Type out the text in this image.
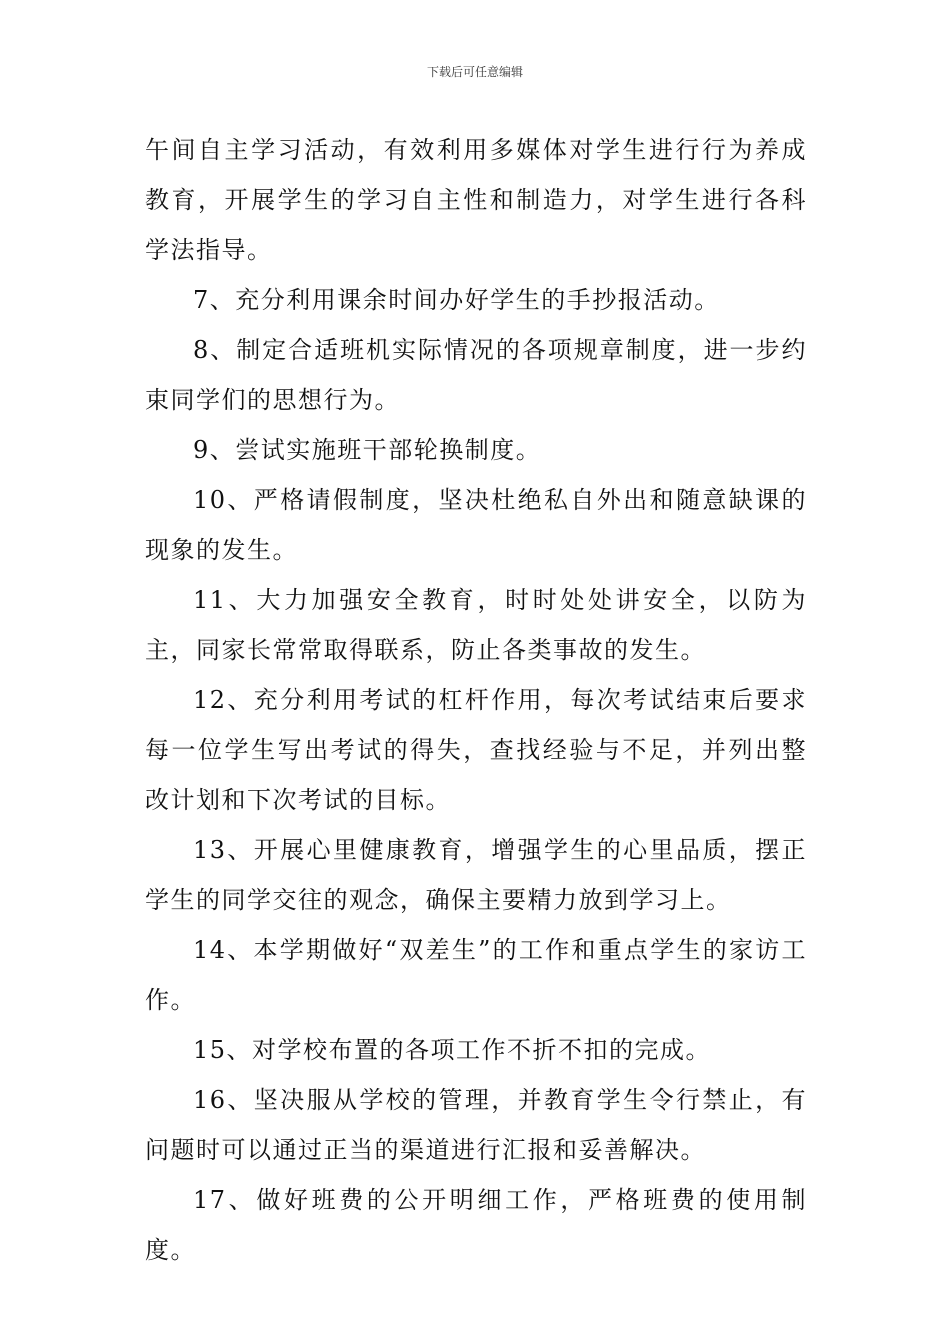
下载后可任意编辑

午间自主学习活动，有效利用多媒体对学生进行行为养成教育，开展学生的学习自主性和制造力，对学生进行各科学法指导。

7、充分利用课余时间办好学生的手抄报活动。

8、制定合适班机实际情况的各项规章制度，进一步约束同学们的思想行为。

9、尝试实施班干部轮换制度。

10、严格请假制度，坚决杜绝私自外出和随意缺课的现象的发生。

11、大力加强安全教育，时时处处讲安全，以防为主，同家长常常取得联系，防止各类事故的发生。

12、充分利用考试的杠杆作用，每次考试结束后要求每一位学生写出考试的得失，查找经验与不足，并列出整改计划和下次考试的目标。

13、开展心里健康教育，增强学生的心里品质，摆正学生的同学交往的观念，确保主要精力放到学习上。

14、本学期做好“双差生”的工作和重点学生的家访工作。

15、对学校布置的各项工作不折不扣的完成。

16、坚决服从学校的管理，并教育学生令行禁止，有问题时可以通过正当的渠道进行汇报和妥善解决。

17、做好班费的公开明细工作，严格班费的使用制度。
